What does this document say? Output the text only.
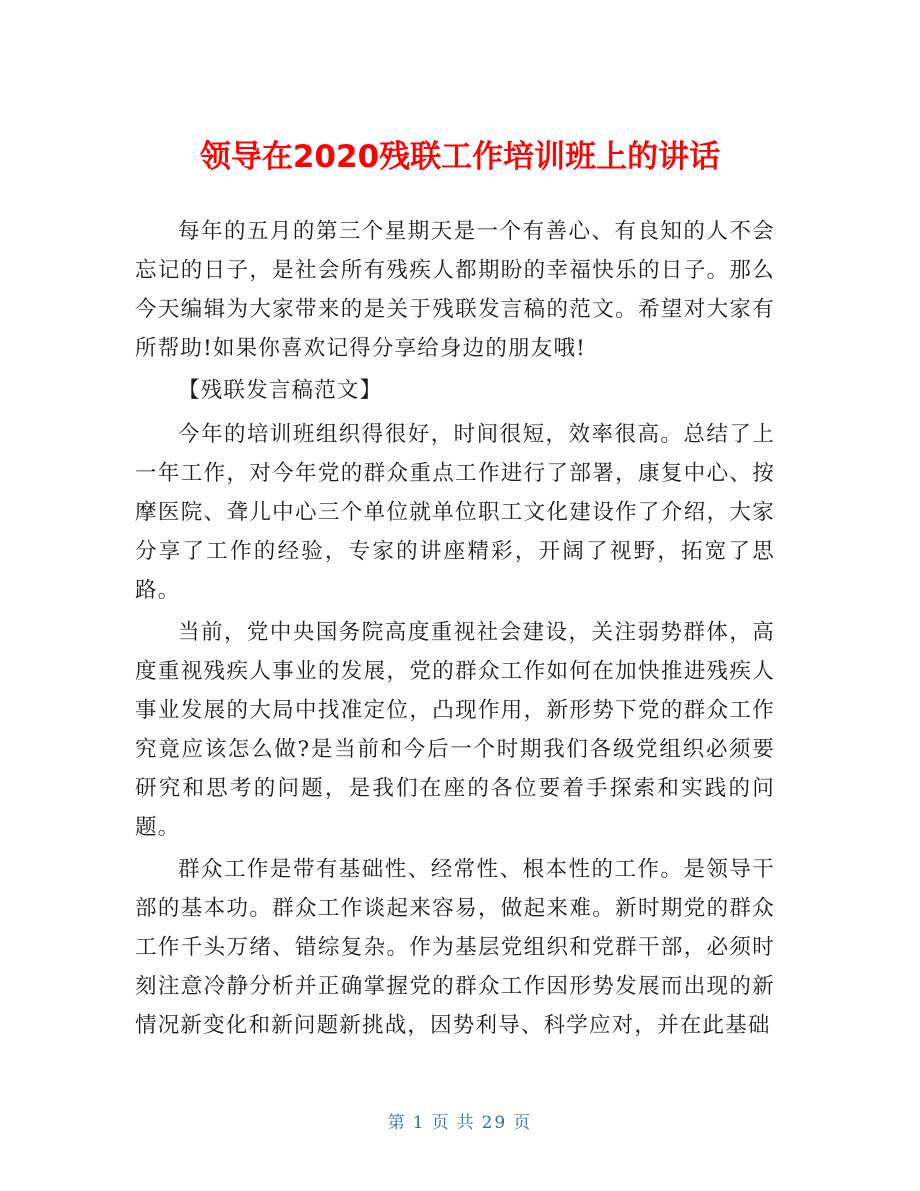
领导在2020残联工作培训班上的讲话

每年的五月的第三个星期天是一个有善心、有良知的人不会忘记的日子，是社会所有残疾人都期盼的幸福快乐的日子。那么今天编辑为大家带来的是关于残联发言稿的范文。希望对大家有所帮助!如果你喜欢记得分享给身边的朋友哦!

【残联发言稿范文】

今年的培训班组织得很好，时间很短，效率很高。总结了上一年工作，对今年党的群众重点工作进行了部署，康复中心、按摩医院、聋儿中心三个单位就单位职工文化建设作了介绍，大家分享了工作的经验，专家的讲座精彩，开阔了视野，拓宽了思路。

当前，党中央国务院高度重视社会建设，关注弱势群体，高度重视残疾人事业的发展，党的群众工作如何在加快推进残疾人事业发展的大局中找准定位，凸现作用，新形势下党的群众工作究竟应该怎么做?是当前和今后一个时期我们各级党组织必须要研究和思考的问题，是我们在座的各位要着手探索和实践的问题。

群众工作是带有基础性、经常性、根本性的工作。是领导干部的基本功。群众工作谈起来容易，做起来难。新时期党的群众工作千头万绪、错综复杂。作为基层党组织和党群干部，必须时刻注意冷静分析并正确掌握党的群众工作因形势发展而出现的新情况新变化和新问题新挑战，因势利导、科学应对，并在此基础

第 1 页 共 29 页
